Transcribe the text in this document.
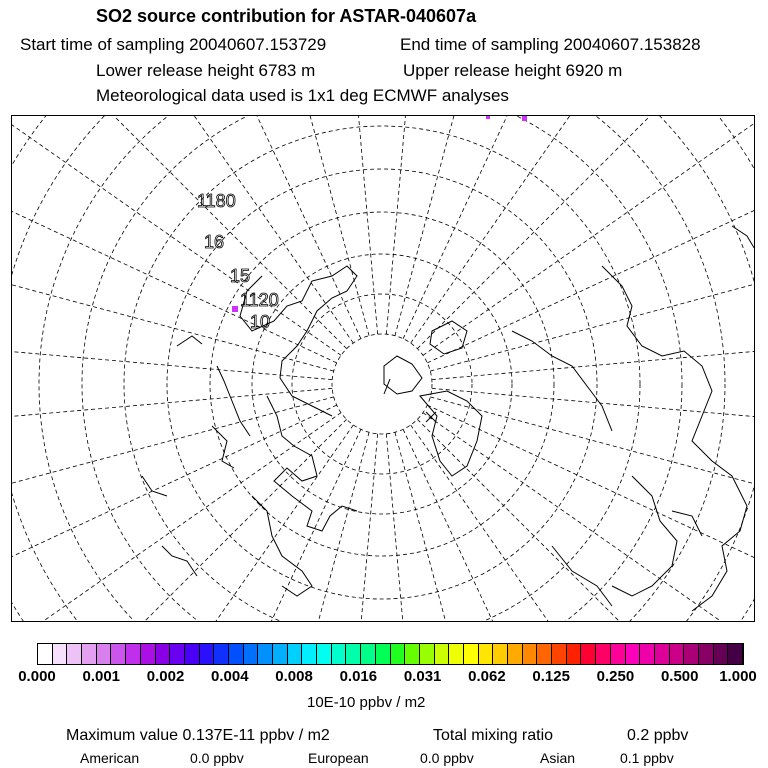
SO2 source contribution for ASTAR-040607a
Start time of sampling 20040607.153729	End time of sampling 20040607.153828
Lower release height 6783 m	Upper release height 6920 m
Meteorological data used is 1x1 deg ECMWF analyses
1180
16
15
1120
10
0.000	0.001	0.002	0.004	0.008	0.016	0.031	0.062	0.125	0.250	0.500	1.000
10E-10 ppbv / m2
Maximum value 0.137E-11 ppbv / m2	Total mixing ratio	0.2 ppbv
American	0.0 ppbv	European	0.0 ppbv	Asian	0.1 ppbv
